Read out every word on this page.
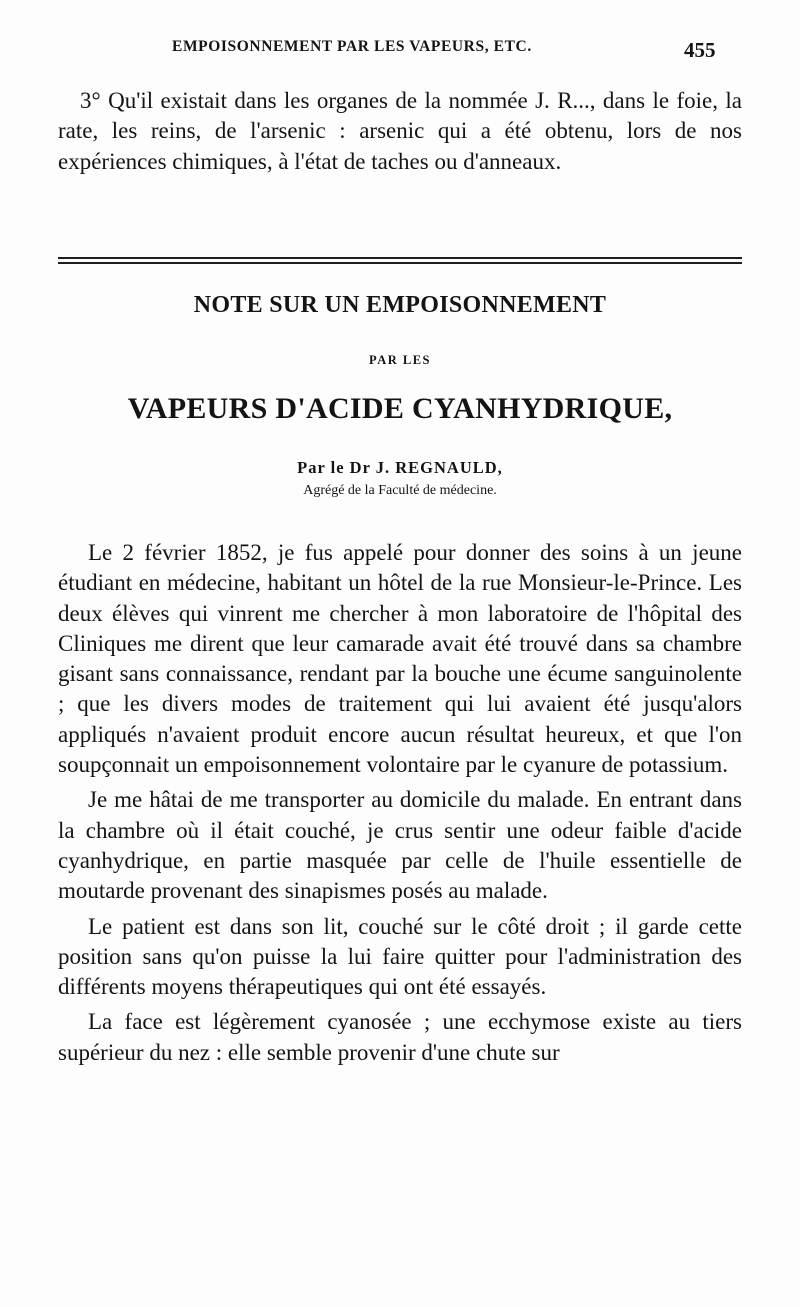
EMPOISONNEMENT PAR LES VAPEURS, ETC.	455

3° Qu'il existait dans les organes de la nommée J. R..., dans le foie, la rate, les reins, de l'arsenic : arsenic qui a été obtenu, lors de nos expériences chimiques, à l'état de taches ou d'anneaux.

NOTE SUR UN EMPOISONNEMENT
PAR LES
VAPEURS D'ACIDE CYANHYDRIQUE,
Par le Dr J. REGNAULD,
Agrégé de la Faculté de médecine.

Le 2 février 1852, je fus appelé pour donner des soins à un jeune étudiant en médecine, habitant un hôtel de la rue Monsieur-le-Prince. Les deux élèves qui vinrent me chercher à mon laboratoire de l'hôpital des Cliniques me dirent que leur camarade avait été trouvé dans sa chambre gisant sans connaissance, rendant par la bouche une écume sanguinolente ; que les divers modes de traitement qui lui avaient été jusqu'alors appliqués n'avaient produit encore aucun résultat heureux, et que l'on soupçonnait un empoisonnement volontaire par le cyanure de potassium.

Je me hâtai de me transporter au domicile du malade. En entrant dans la chambre où il était couché, je crus sentir une odeur faible d'acide cyanhydrique, en partie masquée par celle de l'huile essentielle de moutarde provenant des sinapismes posés au malade.

Le patient est dans son lit, couché sur le côté droit ; il garde cette position sans qu'on puisse la lui faire quitter pour l'administration des différents moyens thérapeutiques qui ont été essayés.

La face est légèrement cyanosée ; une ecchymose existe au tiers supérieur du nez : elle semble provenir d'une chute sur
